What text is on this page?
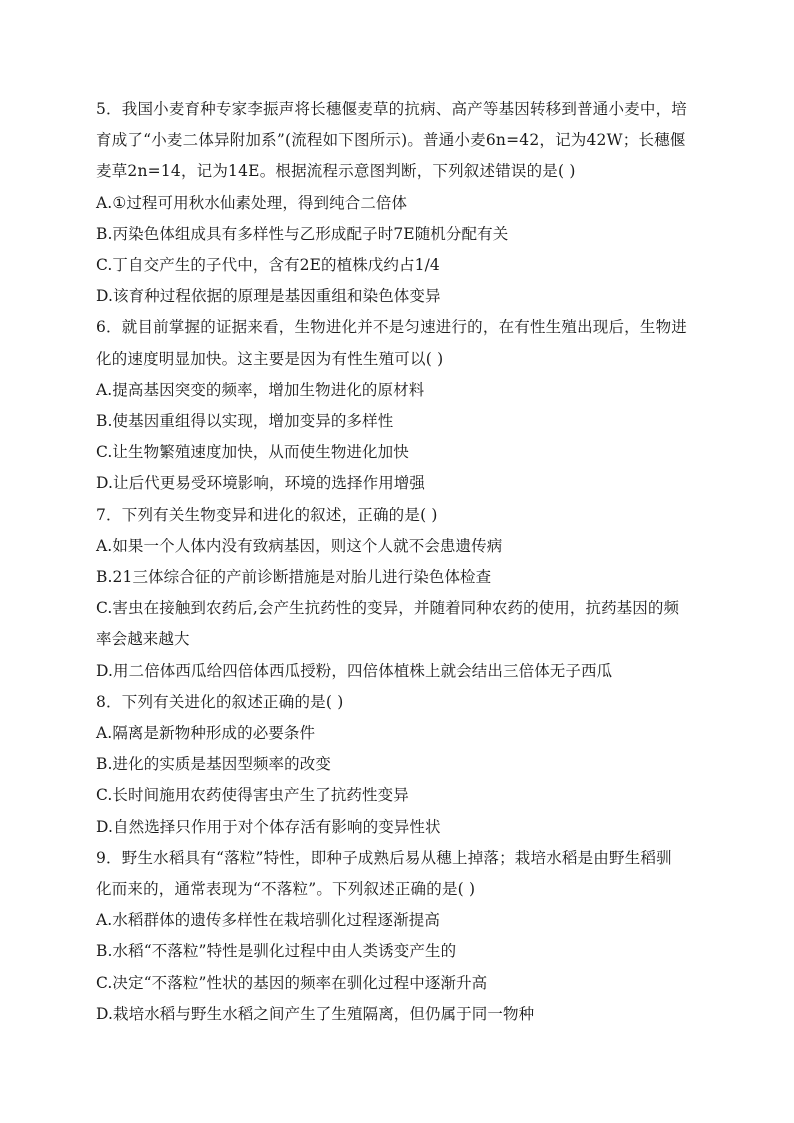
5．我国小麦育种专家李振声将长穗偃麦草的抗病、高产等基因转移到普通小麦中，培
育成了“小麦二体异附加系”(流程如下图所示)。普通小麦6n=42，记为42W；长穗偃
麦草2n=14，记为14E。根据流程示意图判断，下列叙述错误的是( )
A.①过程可用秋水仙素处理，得到纯合二倍体
B.丙染色体组成具有多样性与乙形成配子时7E随机分配有关
C.丁自交产生的子代中，含有2E的植株戊约占1/4
D.该育种过程依据的原理是基因重组和染色体变异
6．就目前掌握的证据来看，生物进化并不是匀速进行的，在有性生殖出现后，生物进
化的速度明显加快。这主要是因为有性生殖可以( )
A.提高基因突变的频率，增加生物进化的原材料
B.使基因重组得以实现，增加变异的多样性
C.让生物繁殖速度加快，从而使生物进化加快
D.让后代更易受环境影响，环境的选择作用增强
7．下列有关生物变异和进化的叙述，正确的是( )
A.如果一个人体内没有致病基因，则这个人就不会患遗传病
B.21三体综合征的产前诊断措施是对胎儿进行染色体检查
C.害虫在接触到农药后,会产生抗药性的变异，并随着同种农药的使用，抗药基因的频
率会越来越大
D.用二倍体西瓜给四倍体西瓜授粉，四倍体植株上就会结出三倍体无子西瓜
8．下列有关进化的叙述正确的是( )
A.隔离是新物种形成的必要条件
B.进化的实质是基因型频率的改变
C.长时间施用农药使得害虫产生了抗药性变异
D.自然选择只作用于对个体存活有影响的变异性状
9．野生水稻具有“落粒”特性，即种子成熟后易从穗上掉落；栽培水稻是由野生稻驯
化而来的，通常表现为“不落粒”。下列叙述正确的是( )
A.水稻群体的遗传多样性在栽培驯化过程逐渐提高
B.水稻“不落粒”特性是驯化过程中由人类诱变产生的
C.决定“不落粒”性状的基因的频率在驯化过程中逐渐升高
D.栽培水稻与野生水稻之间产生了生殖隔离，但仍属于同一物种
